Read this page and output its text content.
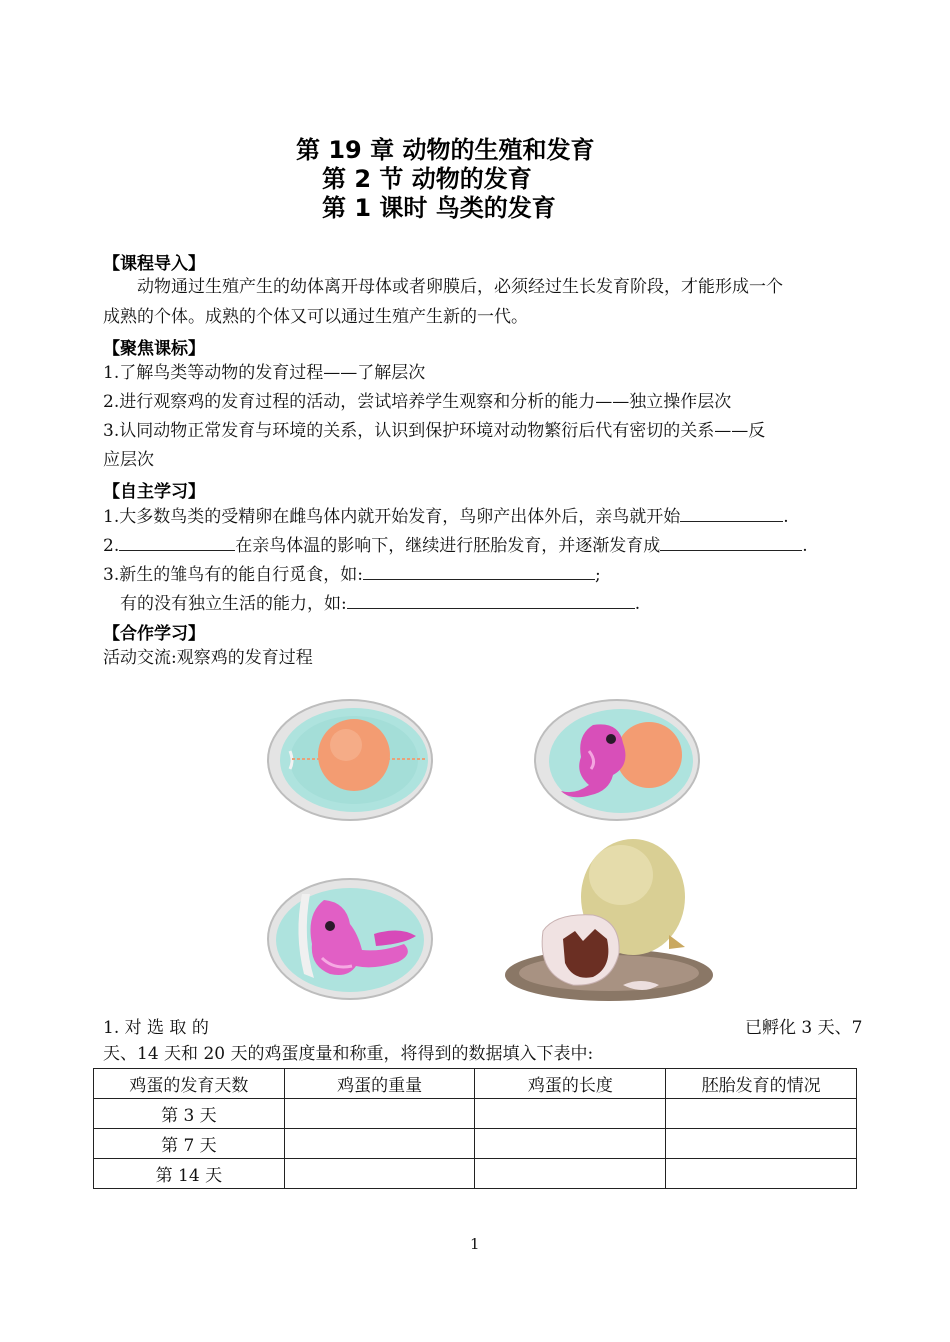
第 19 章 动物的生殖和发育
第 2 节 动物的发育
第 1 课时 鸟类的发育
【课程导入】
动物通过生殖产生的幼体离开母体或者卵膜后，必须经过生长发育阶段，才能形成一个
成熟的个体。成熟的个体又可以通过生殖产生新的一代。
【聚焦课标】
1.了解鸟类等动物的发育过程——了解层次
2.进行观察鸡的发育过程的活动，尝试培养学生观察和分析的能力——独立操作层次
3.认同动物正常发育与环境的关系，认识到保护环境对动物繁衍后代有密切的关系——反
应层次
【自主学习】
1.大多数鸟类的受精卵在雌鸟体内就开始发育，鸟卵产出体外后，亲鸟就开始	.
2.	在亲鸟体温的影响下，继续进行胚胎发育，并逐渐发育成	.
3.新生的雏鸟有的能自行觅食，如:	;
有的没有独立生活的能力，如:	.
【合作学习】
活动交流:观察鸡的发育过程
1. 对 选 取 的	已孵化 3 天、7
天、14 天和 20 天的鸡蛋度量和称重，将得到的数据填入下表中:
鸡蛋的发育天数	鸡蛋的重量	鸡蛋的长度	胚胎发育的情况
第 3 天			
第 7 天			
第 14 天			
1
